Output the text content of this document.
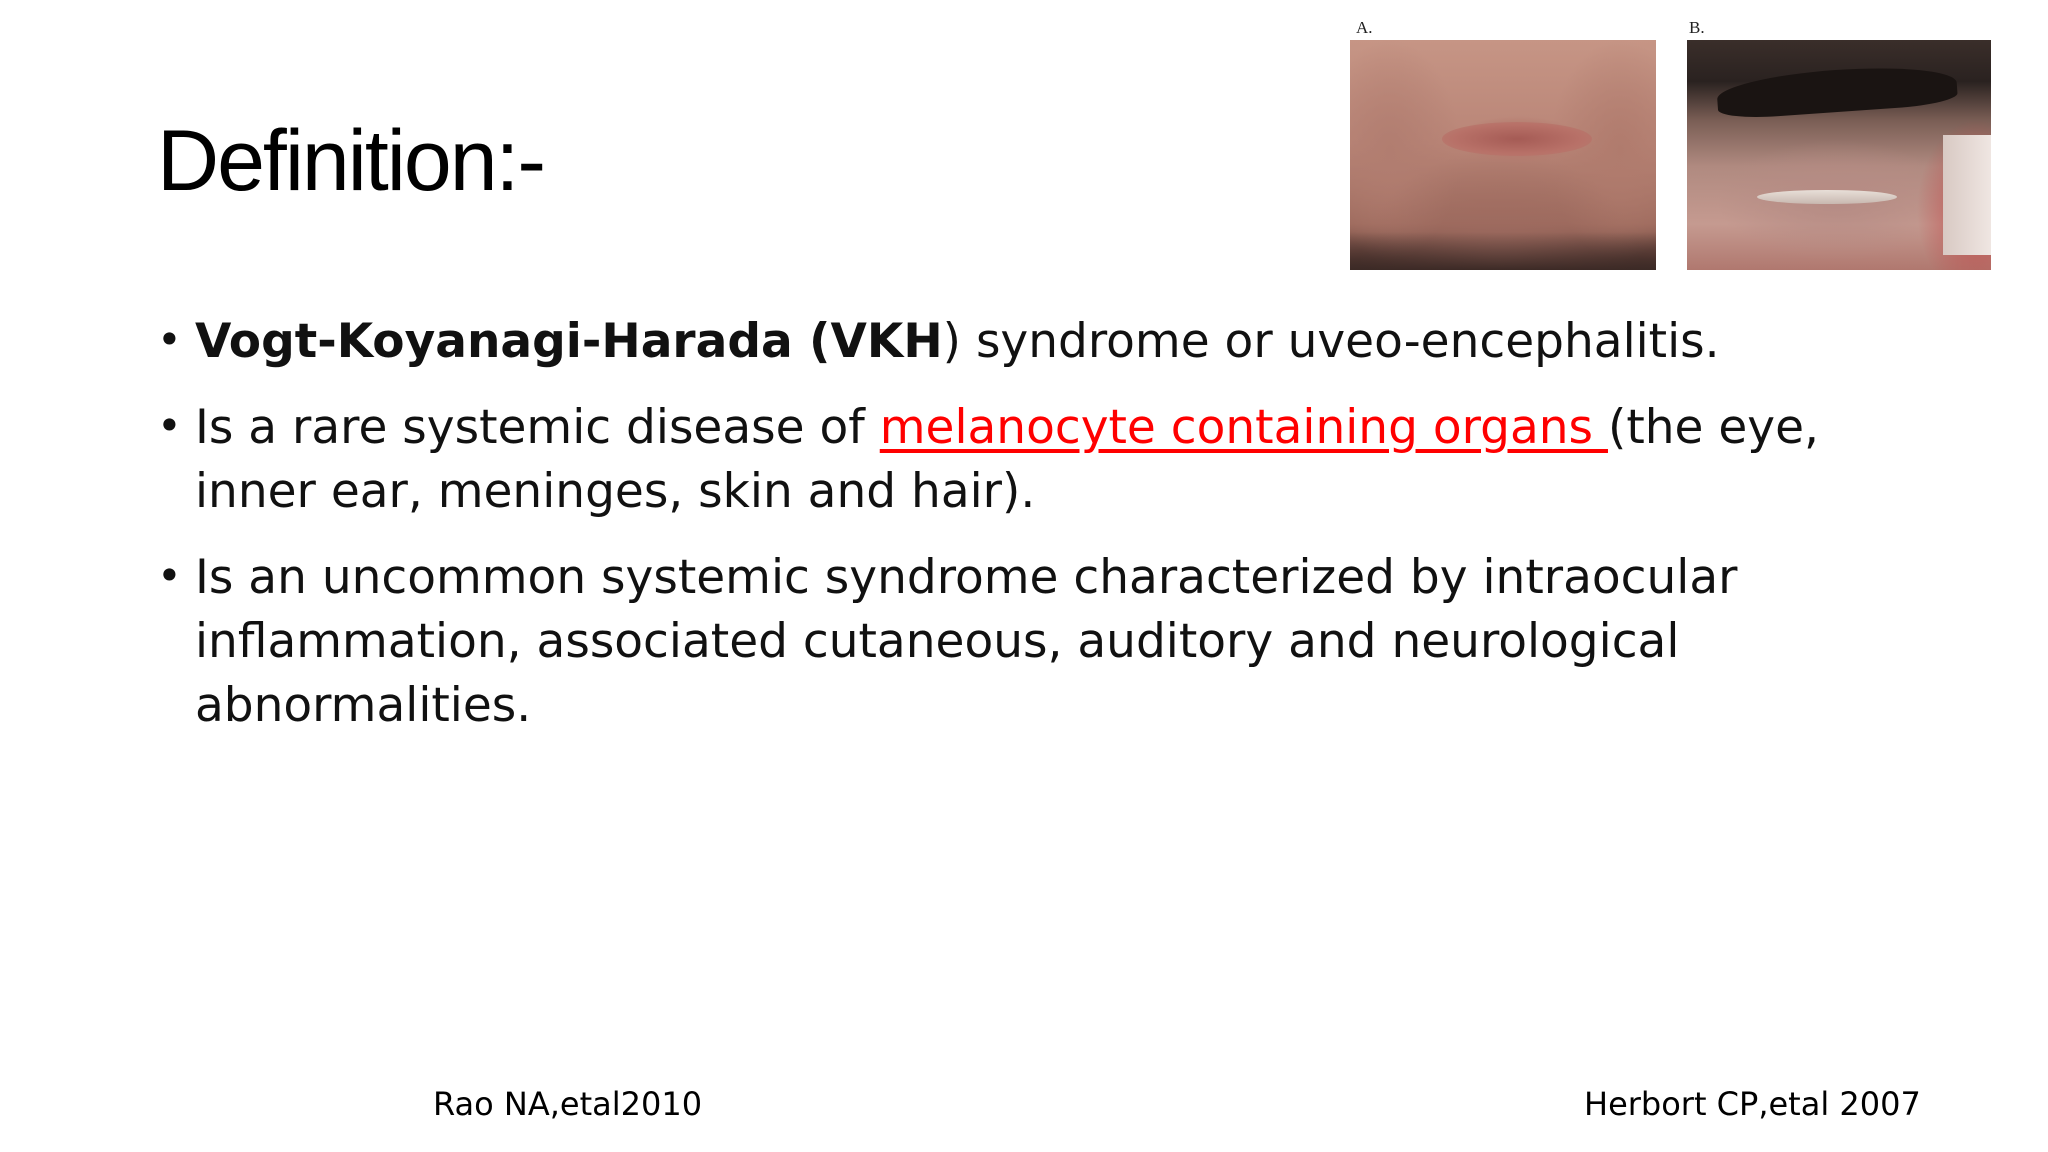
Definition:-
A.	B.
• Vogt-Koyanagi-Harada (VKH) syndrome or uveo-encephalitis.
• Is a rare systemic disease of melanocyte containing organs (the eye, inner ear, meninges, skin and hair).
• Is an uncommon systemic syndrome characterized by intraocular inflammation, associated cutaneous, auditory and neurological abnormalities.
Rao NA,etal2010	Herbort CP,etal 2007
